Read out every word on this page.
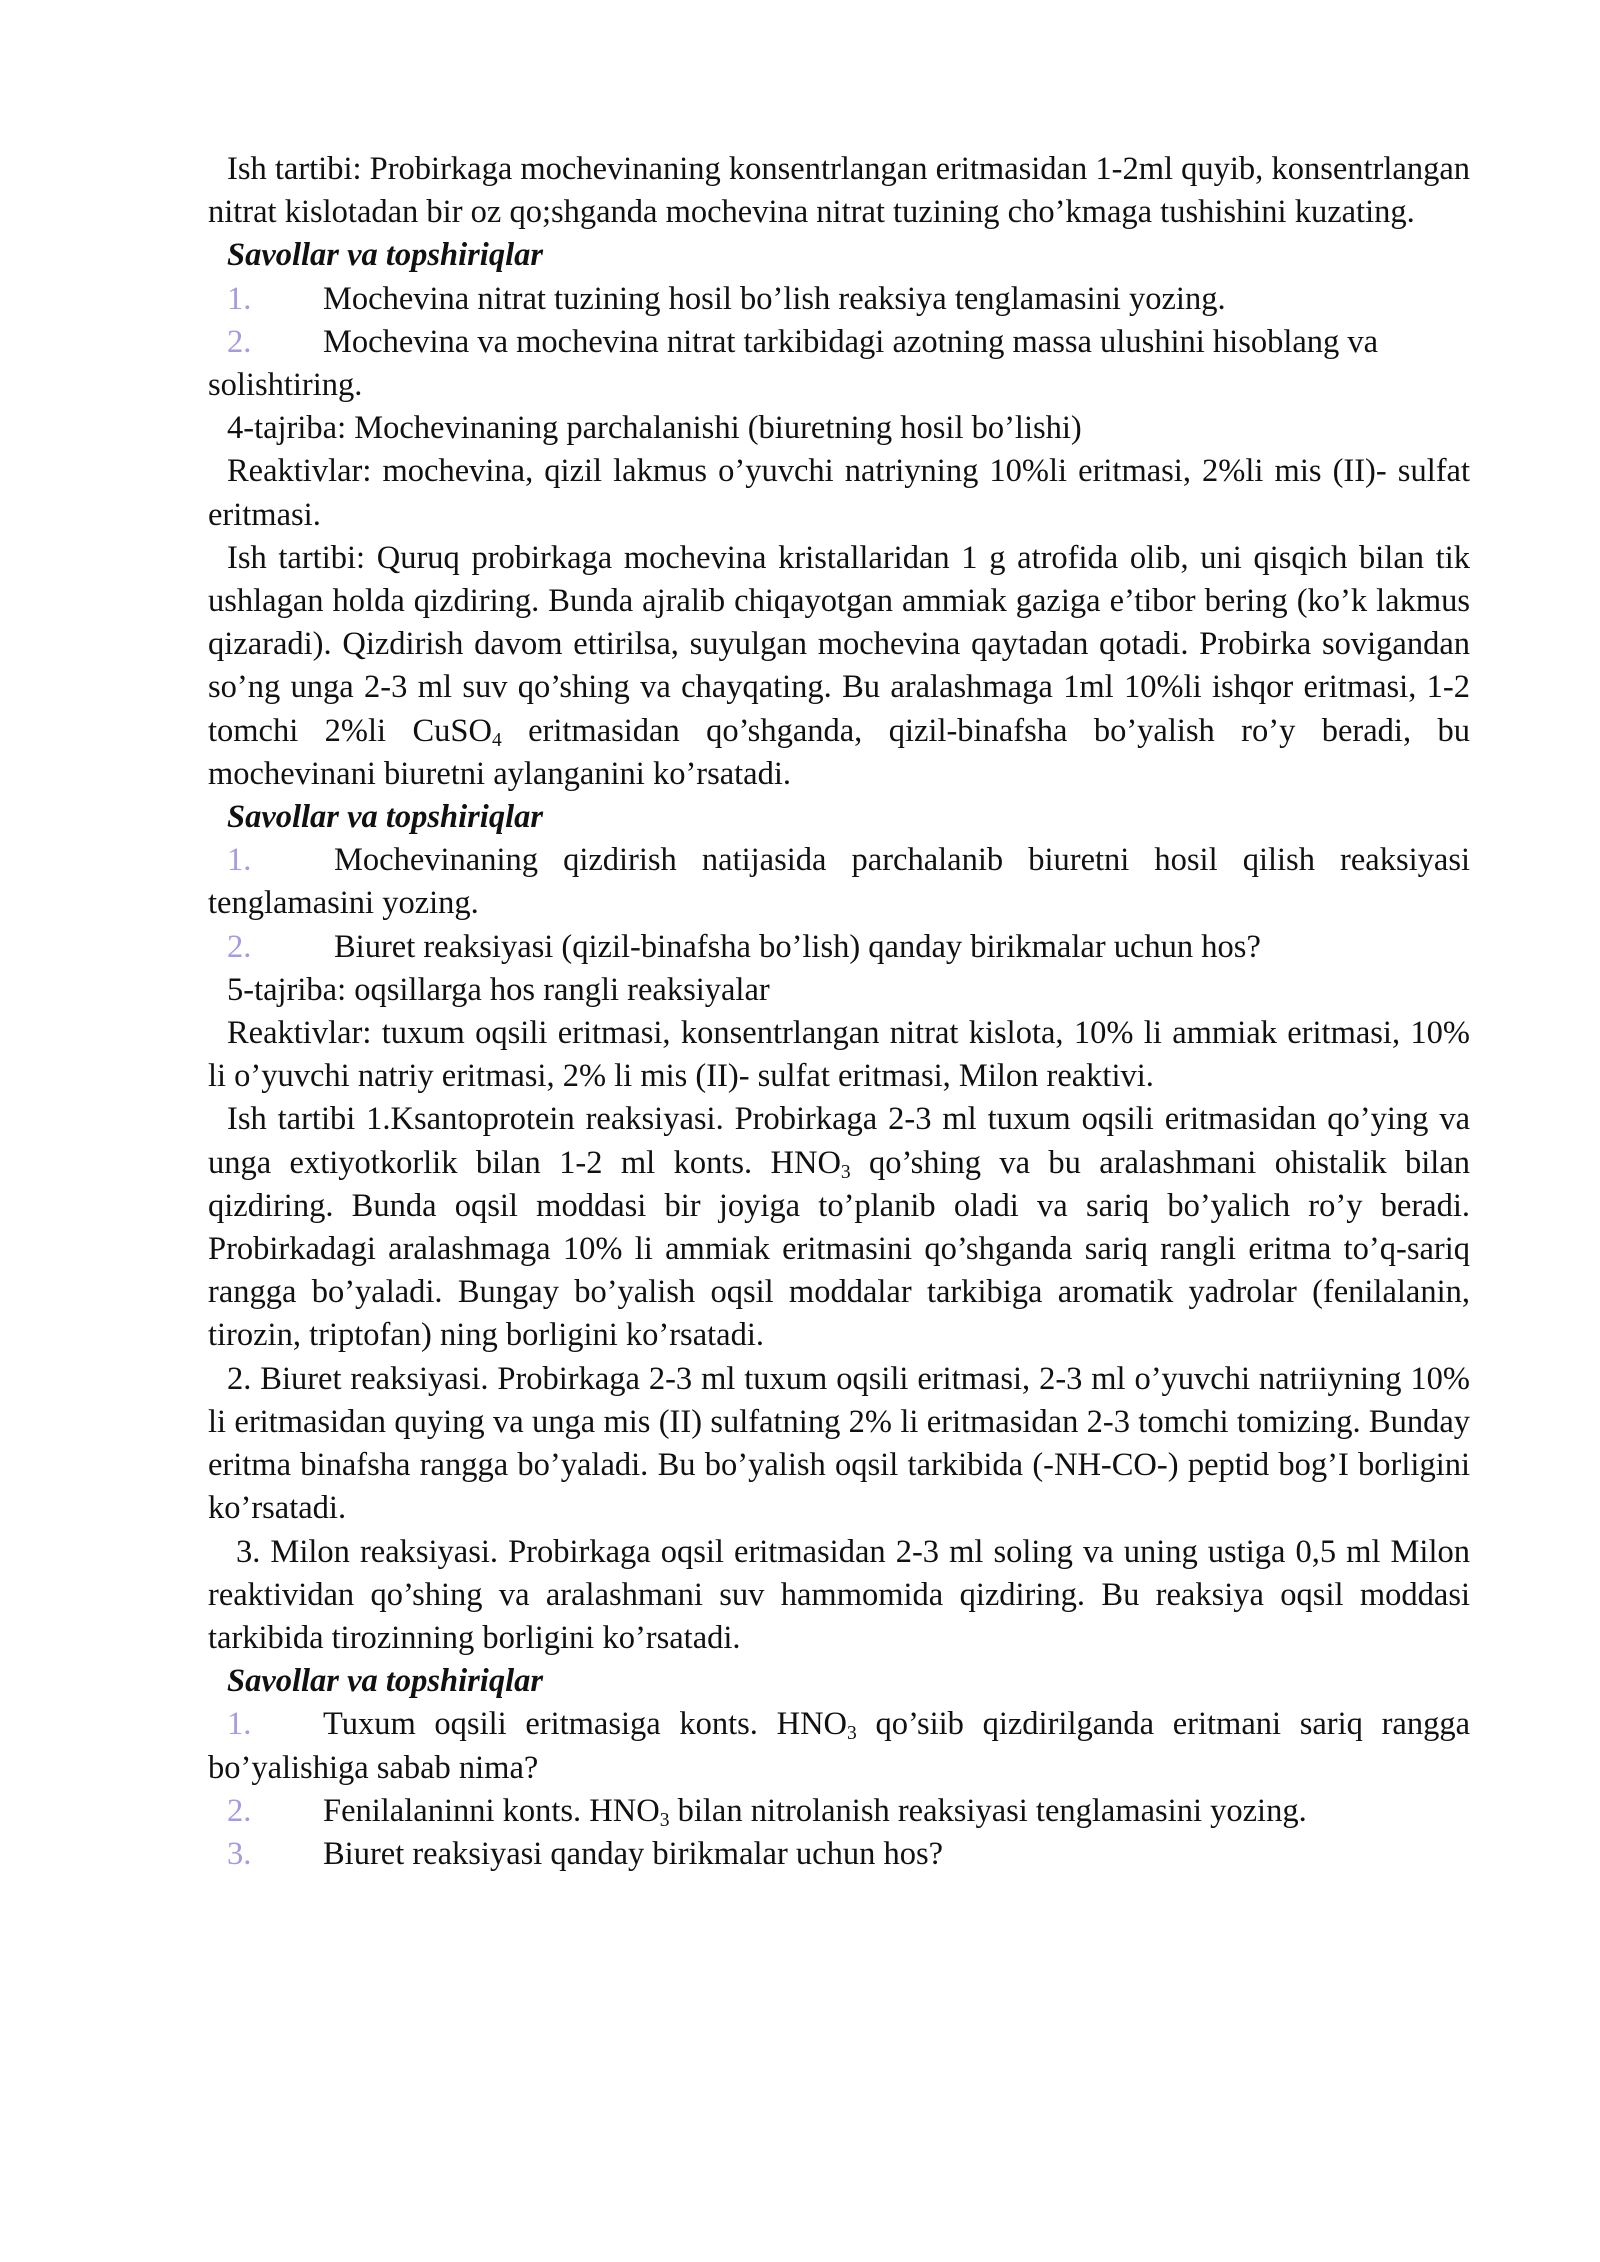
Ish tartibi: Probirkaga mochevinaning konsentrlangan eritmasidan 1-2ml quyib, konsentrlangan nitrat kislotadan bir oz qo;shganda mochevina nitrat tuzining cho’kmaga tushishini kuzating.

Savollar va topshiriqlar

1. Mochevina nitrat tuzining hosil bo’lish reaksiya tenglamasini yozing.

2. Mochevina va mochevina nitrat tarkibidagi azotning massa ulushini hisoblang va solishtiring.

4-tajriba: Mochevinaning parchalanishi (biuretning hosil bo’lishi)

Reaktivlar: mochevina, qizil lakmus o’yuvchi natriyning 10%li eritmasi, 2%li mis (II)- sulfat eritmasi.

Ish tartibi: Quruq probirkaga mochevina kristallaridan 1 g atrofida olib, uni qisqich bilan tik ushlagan holda qizdiring. Bunda ajralib chiqayotgan ammiak gaziga e’tibor bering (ko’k lakmus qizaradi). Qizdirish davom ettirilsa, suyulgan mochevina qaytadan qotadi. Probirka sovigandan so’ng unga 2-3 ml suv qo’shing va chayqating. Bu aralashmaga 1ml 10%li ishqor eritmasi, 1-2 tomchi 2%li CuSO$_4$ eritmasidan qo’shganda, qizil-binafsha bo’yalish ro’y beradi, bu mochevinani biuretni aylanganini ko’rsatadi.

Savollar va topshiriqlar

1.	Mochevinaning qizdirish natijasida parchalanib biuretni hosil qilish reaksiyasi tenglamasini yozing.

2.	Biuret reaksiyasi (qizil-binafsha bo’lish) qanday birikmalar uchun hos?

5-tajriba: oqsillarga hos rangli reaksiyalar

Reaktivlar: tuxum oqsili eritmasi, konsentrlangan nitrat kislota, 10% li ammiak eritmasi, 10% li o’yuvchi natriy eritmasi, 2% li mis (II)- sulfat eritmasi, Milon reaktivi.

Ish tartibi 1.Ksantoprotein reaksiyasi. Probirkaga 2-3 ml tuxum oqsili eritmasidan qo’ying va unga extiyotkorlik bilan 1-2 ml konts. $HNO_3$ qo’shing va bu aralashmani ohistalik bilan qizdiring. Bunda oqsil moddasi bir joyiga to’planib oladi va sariq bo’yalich ro’y beradi. Probirkadagi aralashmaga 10% li ammiak eritmasini qo’shganda sariq rangli eritma to’q-sariq rangga bo’yaladi. Bungay bo’yalish oqsil moddalar tarkibiga aromatik yadrolar (fenilalanin, tirozin, triptofan) ning borligini ko’rsatadi.

2. Biuret reaksiyasi. Probirkaga 2-3 ml tuxum oqsili eritmasi, 2-3 ml o’yuvchi natriiyning 10% li eritmasidan quying va unga mis (II) sulfatning 2% li eritmasidan 2-3 tomchi tomizing. Bunday eritma binafsha rangga bo’yaladi. Bu bo’yalish oqsil tarkibida (-NH-CO-) peptid bog’I borligini ko’rsatadi.

3. Milon reaksiyasi. Probirkaga oqsil eritmasidan 2-3 ml soling va uning ustiga 0,5 ml Milon reaktividan qo’shing va aralashmani suv hammomida qizdiring. Bu reaksiya oqsil moddasi tarkibida tirozinning borligini ko’rsatadi.

Savollar va topshiriqlar

1. Tuxum oqsili eritmasiga konts. $HNO_3$ qo’siib qizdirilganda eritmani sariq rangga bo’yalishiga sabab nima?

2. Fenilalaninni konts. $HNO_3$ bilan nitrolanish reaksiyasi tenglamasini yozing.

3. Biuret reaksiyasi qanday birikmalar uchun hos?
